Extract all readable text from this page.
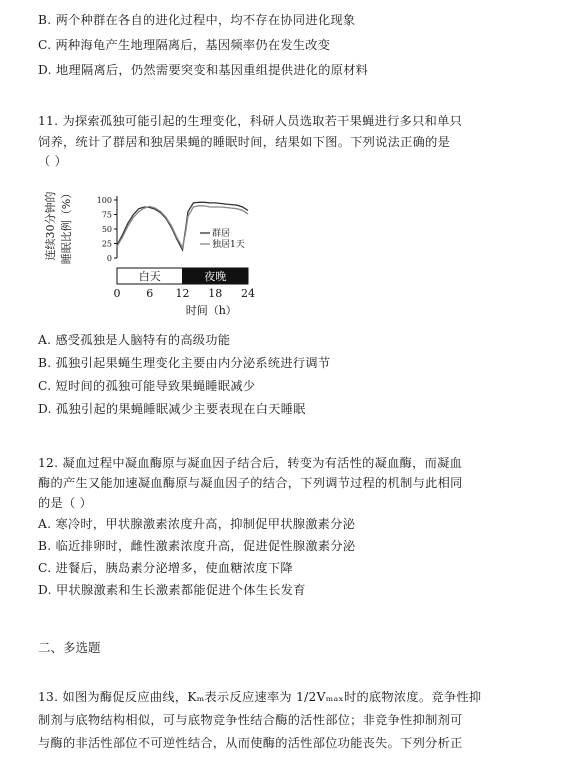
B. 两个种群在各自的进化过程中，均不存在协同进化现象
C. 两种海龟产生地理隔离后，基因频率仍在发生改变
D. 地理隔离后，仍然需要突变和基因重组提供进化的原材料
11. 为探索孤独可能引起的生理变化，科研人员选取若干果蝇进行多只和单只
饲养，统计了群居和独居果蝇的睡眠时间，结果如下图。下列说法正确的是
（ ）
连续30分钟的 睡眠比例（%）	0
25
50
75
100
0 6 12 18 24
群居
独居1天
白天	夜晚
时间（h）
A. 感受孤独是人脑特有的高级功能
B. 孤独引起果蝇生理变化主要由内分泌系统进行调节
C. 短时间的孤独可能导致果蝇睡眠减少
D. 孤独引起的果蝇睡眠减少主要表现在白天睡眠
12. 凝血过程中凝血酶原与凝血因子结合后，转变为有活性的凝血酶，而凝血
酶的产生又能加速凝血酶原与凝血因子的结合，下列调节过程的机制与此相同
的是（ ）
A. 寒冷时，甲状腺激素浓度升高，抑制促甲状腺激素分泌
B. 临近排卵时，雌性激素浓度升高，促进促性腺激素分泌
C. 进餐后，胰岛素分泌增多，使血糖浓度下降
D. 甲状腺激素和生长激素都能促进个体生长发育
二、多选题
13. 如图为酶促反应曲线，Kₘ表示反应速率为 1/2Vₘₐₓ时的底物浓度。竞争性抑
制剂与底物结构相似，可与底物竞争性结合酶的活性部位；非竞争性抑制剂可
与酶的非活性部位不可逆性结合，从而使酶的活性部位功能丧失。下列分析正
